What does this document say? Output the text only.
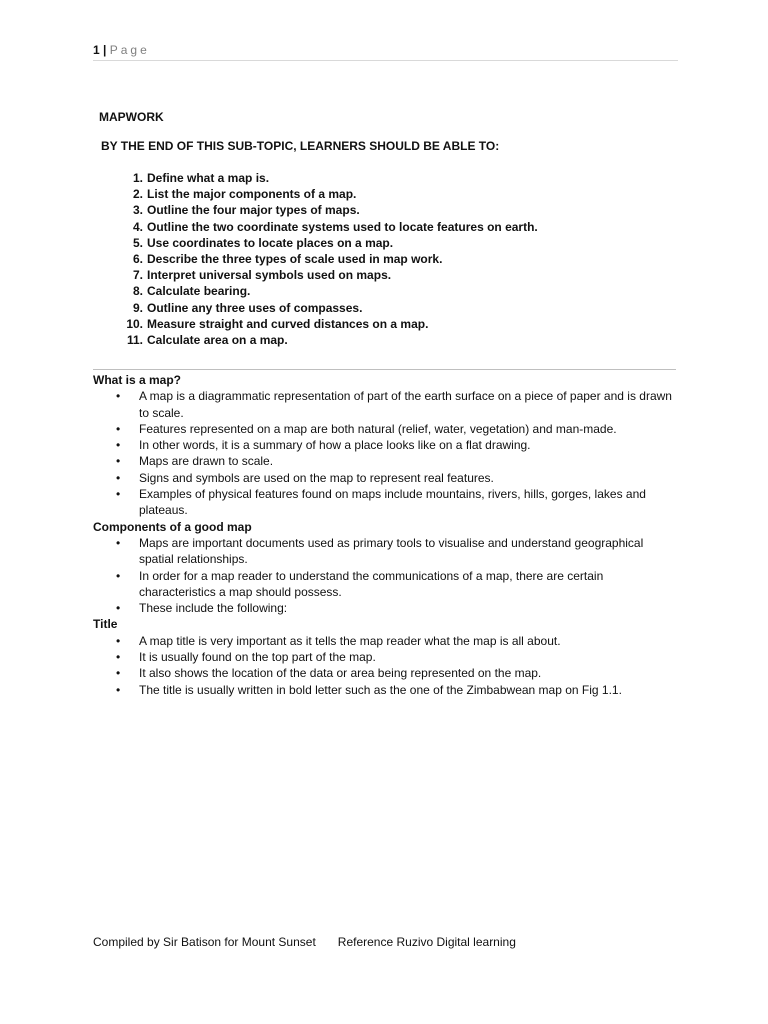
1 | Page
MAPWORK
BY THE END OF THIS SUB-TOPIC, LEARNERS SHOULD BE ABLE TO:
1. Define what a map is.
2. List the major components of a map.
3. Outline the four major types of maps.
4. Outline the two coordinate systems used to locate features on earth.
5. Use coordinates to locate places on a map.
6. Describe the three types of scale used in map work.
7. Interpret universal symbols used on maps.
8. Calculate bearing.
9. Outline any three uses of compasses.
10. Measure straight and curved distances on a map.
11. Calculate area on a map.
What is a map?
• A map is a diagrammatic representation of part of the earth surface on a piece of paper and is drawn to scale.
• Features represented on a map are both natural (relief, water, vegetation) and man-made.
• In other words, it is a summary of how a place looks like on a flat drawing.
• Maps are drawn to scale.
• Signs and symbols are used on the map to represent real features.
• Examples of physical features found on maps include mountains, rivers, hills, gorges, lakes and plateaus.
Components of a good map
• Maps are important documents used as primary tools to visualise and understand geographical spatial relationships.
• In order for a map reader to understand the communications of a map, there are certain characteristics a map should possess.
• These include the following:
Title
• A map title is very important as it tells the map reader what the map is all about.
• It is usually found on the top part of the map.
• It also shows the location of the data or area being represented on the map.
• The title is usually written in bold letter such as the one of the Zimbabwean map on Fig 1.1.
Compiled by Sir Batison for Mount Sunset Reference Ruzivo Digital learning
